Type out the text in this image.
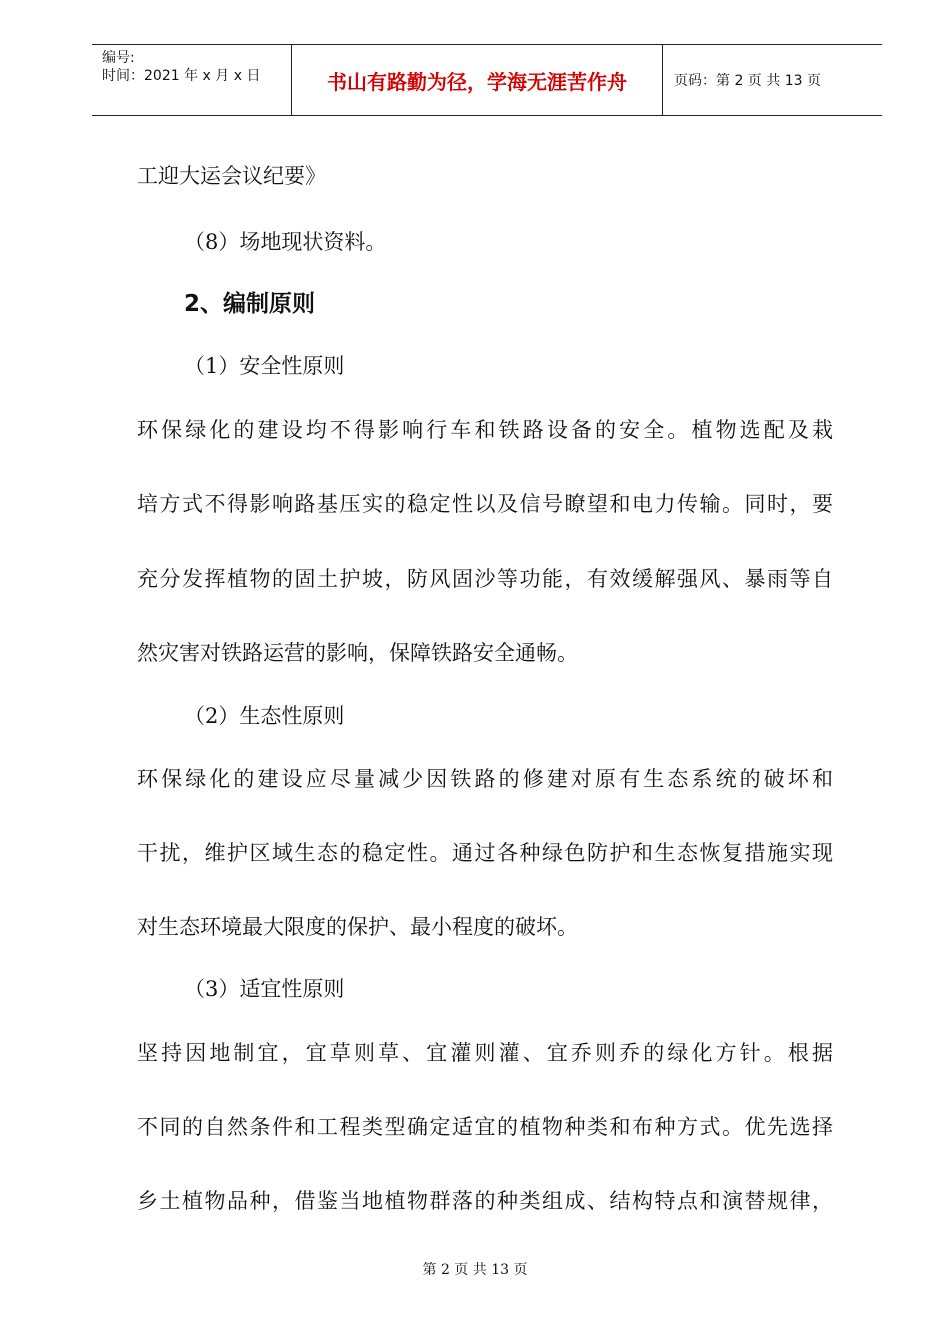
编号:
时间：2021 年 x 月 x 日	书山有路勤为径，学海无涯苦作舟	页码：第 2 页 共 13 页
工迎大运会议纪要》
（8）场地现状资料。
2、编制原则
（1）安全性原则
环保绿化的建设均不得影响行车和铁路设备的安全。植物选配及栽
培方式不得影响路基压实的稳定性以及信号瞭望和电力传输。同时，要
充分发挥植物的固土护坡，防风固沙等功能，有效缓解强风、暴雨等自
然灾害对铁路运营的影响，保障铁路安全通畅。
（2）生态性原则
环保绿化的建设应尽量减少因铁路的修建对原有生态系统的破坏和
干扰，维护区域生态的稳定性。通过各种绿色防护和生态恢复措施实现
对生态环境最大限度的保护、最小程度的破坏。
（3）适宜性原则
坚持因地制宜，宜草则草、宜灌则灌、宜乔则乔的绿化方针。根据
不同的自然条件和工程类型确定适宜的植物种类和布种方式。优先选择
乡土植物品种，借鉴当地植物群落的种类组成、结构特点和演替规律，
第 2 页 共 13 页
